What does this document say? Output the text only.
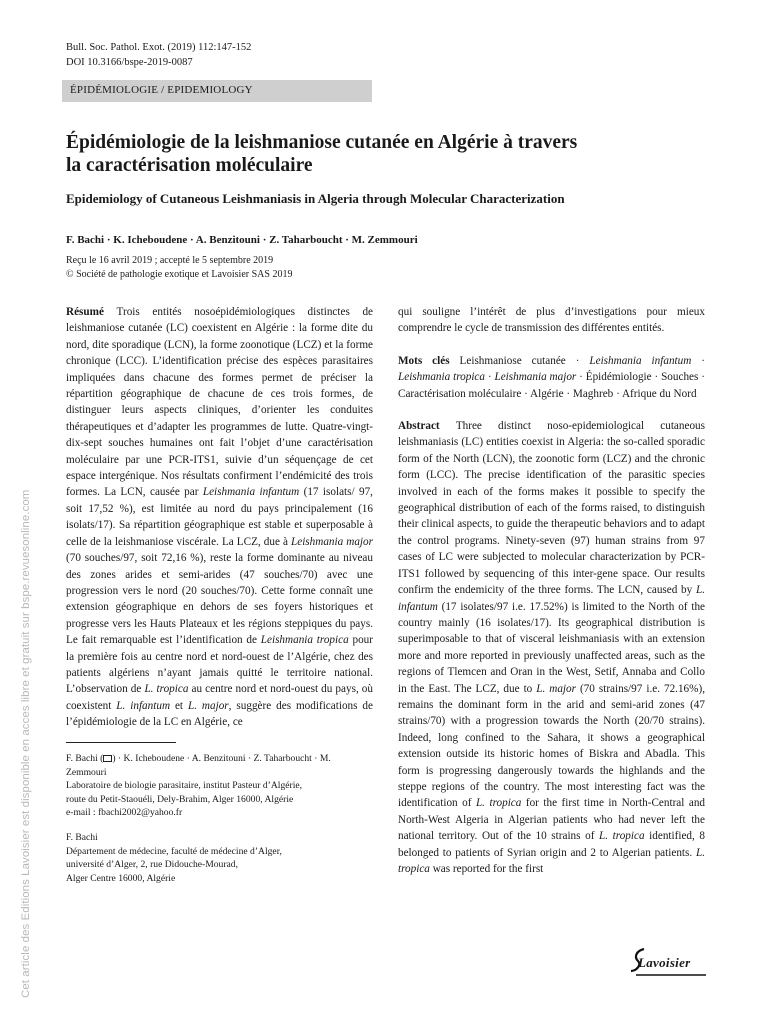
Bull. Soc. Pathol. Exot. (2019) 112:147-152
DOI 10.3166/bspe-2019-0087
ÉPIDÉMIOLOGIE / EPIDEMIOLOGY
Épidémiologie de la leishmaniose cutanée en Algérie à travers
la caractérisation moléculaire
Epidemiology of Cutaneous Leishmaniasis in Algeria through Molecular Characterization
F. Bachi · K. Icheboudene · A. Benzitouni · Z. Taharboucht · M. Zemmouri
Reçu le 16 avril 2019 ; accepté le 5 septembre 2019
© Société de pathologie exotique et Lavoisier SAS 2019

Résumé Trois entités nosoépidémiologiques distinctes de leishmaniose cutanée (LC) coexistent en Algérie : la forme dite du nord, dite sporadique (LCN), la forme zoonotique (LCZ) et la forme chronique (LCC). L’identification précise des espèces parasitaires impliquées dans chacune des formes permet de préciser la répartition géographique de chacune de ces trois formes, de distinguer leurs aspects cliniques, d’orienter les conduites thérapeutiques et d’adapter les programmes de lutte. Quatre-vingt-dix-sept souches humaines ont fait l’objet d’une caractérisation moléculaire par une PCR-ITS1, suivie d’un séquençage de cet espace intergénique. Nos résultats confirment l’endémicité des trois formes. La LCN, causée par Leishmania infantum (17 isolats/ 97, soit 17,52 %), est limitée au nord du pays principalement (16 isolats/17). Sa répartition géographique est stable et superposable à celle de la leishmaniose viscérale. La LCZ, due à Leishmania major (70 souches/97, soit 72,16 %), reste la forme dominante au niveau des zones arides et semi-arides (47 souches/70) avec une progression vers le nord (20 souches/70). Cette forme connaît une extension géographique en dehors de ses foyers historiques et progresse vers les Hauts Plateaux et les régions steppiques du pays. Le fait remarquable est l’identification de Leishmania tropica pour la première fois au centre nord et nord-ouest de l’Algérie, chez des patients algériens n’ayant jamais quitté le territoire national. L’observation de L. tropica au centre nord et nord-ouest du pays, où coexistent L. infantum et L. major, suggère des modifications de l’épidémiologie de la LC en Algérie, ce

qui souligne l’intérêt de plus d’investigations pour mieux comprendre le cycle de transmission des différentes entités.

Mots clés Leishmaniose cutanée · Leishmania infantum · Leishmania tropica · Leishmania major · Épidémiologie · Souches · Caractérisation moléculaire · Algérie · Maghreb · Afrique du Nord

Abstract Three distinct noso-epidemiological cutaneous leishmaniasis (LC) entities coexist in Algeria: the so-called sporadic form of the North (LCN), the zoonotic form (LCZ) and the chronic form (LCC). The precise identification of the parasitic species involved in each of the forms makes it possible to specify the geographical distribution of each of the forms raised, to distinguish their clinical aspects, to guide the therapeutic behaviors and to adapt the control programs. Ninety-seven (97) human strains from 97 cases of LC were subjected to molecular characterization by PCR-ITS1 followed by sequencing of this inter-gene space. Our results confirm the endemicity of the three forms. The LCN, caused by L. infantum (17 isolates/97 i.e. 17.52%) is limited to the North of the country mainly (16 isolates/17). Its geographical distribution is superimposable to that of visceral leishmaniasis with an extension more and more reported in previously unaffected areas, such as the regions of Tlemcen and Oran in the West, Setif, Annaba and Collo in the East. The LCZ, due to L. major (70 strains/97 i.e. 72.16%), remains the dominant form in the arid and semi-arid zones (47 strains/70) with a progression towards the North (20/70 strains). Indeed, long confined to the Sahara, it shows a geographical extension outside its historic homes of Biskra and Abadla. This form is progressing dangerously towards the highlands and the steppe regions of the country. The most interesting fact was the identification of L. tropica for the first time in North-Central and North-West Algeria in Algerian patients who had never left the national territory. Out of the 10 strains of L. tropica identified, 8 belonged to patients of Syrian origin and 2 to Algerian patients. L. tropica was reported for the first

F. Bachi ( ) · K. Icheboudene · A. Benzitouni · Z. Taharboucht · M. Zemmouri
Laboratoire de biologie parasitaire, institut Pasteur d’Algérie,
route du Petit-Staouéli, Dely-Brahim, Alger 16000, Algérie
e-mail : fbachi2002@yahoo.fr
F. Bachi
Département de médecine, faculté de médecine d’Alger,
université d’Alger, 2, rue Didouche-Mourad,
Alger Centre 16000, Algérie
Cet article des Editions Lavoisier est disponible en acces libre et gratuit sur bspe.revuesonline.com	Lavoisier
